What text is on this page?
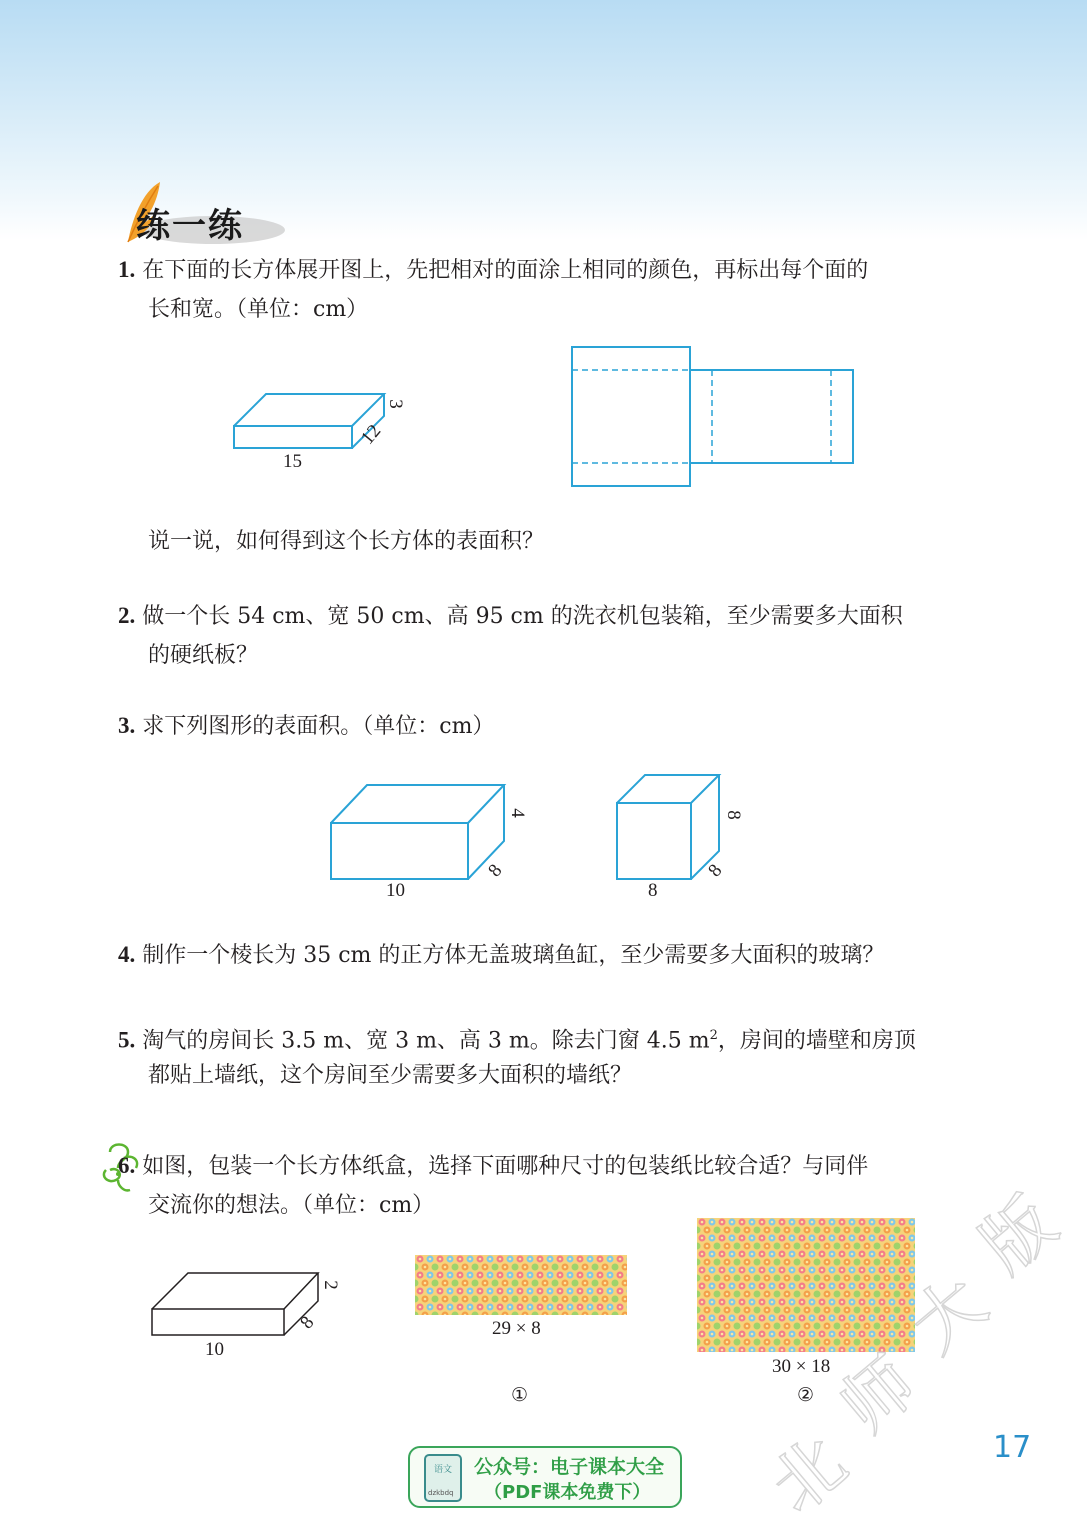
练一练
1. 在下面的长方体展开图上，先把相对的面涂上相同的颜色，再标出每个面的
长和宽。（单位：cm）
15
12
3
说一说，如何得到这个长方体的表面积？
2. 做一个长 54 cm、宽 50 cm、高 95 cm 的洗衣机包装箱，至少需要多大面积
的硬纸板？
3. 求下列图形的表面积。（单位：cm）
10
8
4
8
8
8
4. 制作一个棱长为 35 cm 的正方体无盖玻璃鱼缸，至少需要多大面积的玻璃？
5. 淘气的房间长 3.5 m、宽 3 m、高 3 m。除去门窗 4.5 $m^2$，房间的墙壁和房顶
都贴上墙纸，这个房间至少需要多大面积的墙纸？
6. 如图，包装一个长方体纸盒，选择下面哪种尺寸的包装纸比较合适？与同伴
交流你的想法。（单位：cm）
10
8
2
29 × 8
①
30 × 18
②
北
师
大
版
17
语文
dzkbdq
公众号：电子课本大全
（PDF课本免费下）
